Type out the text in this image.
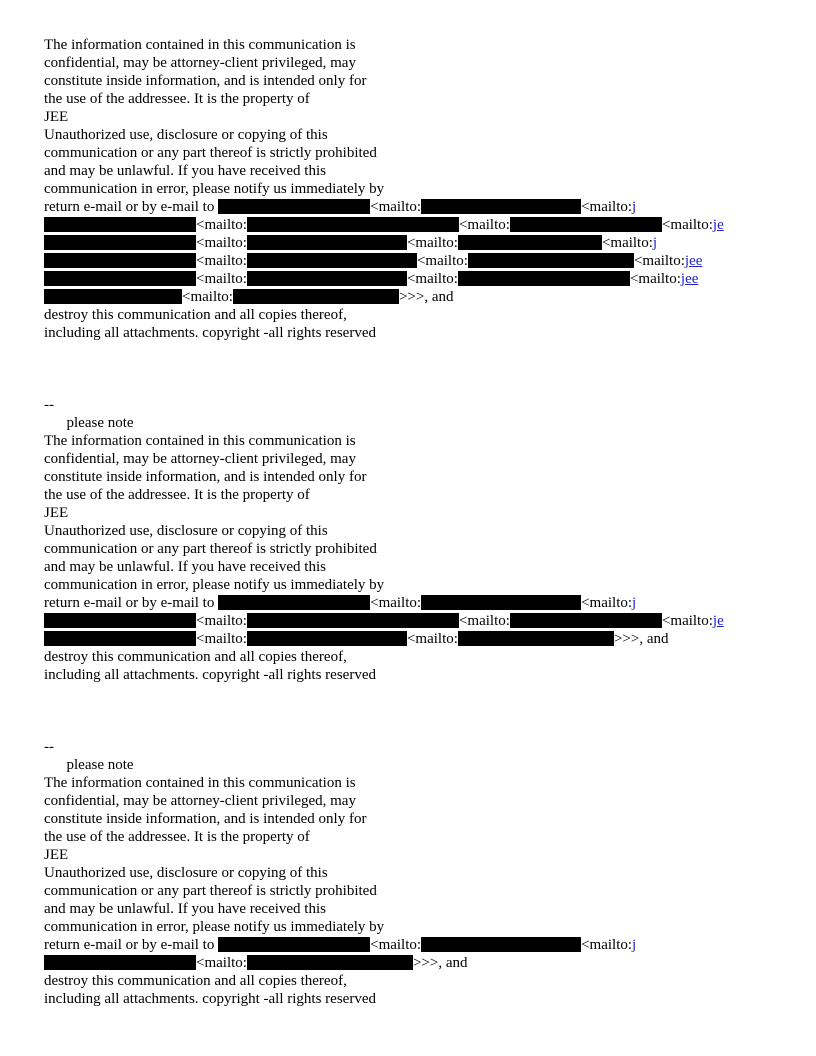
The information contained in this communication is
confidential, may be attorney-client privileged, may
constitute inside information, and is intended only for
the use of the addressee. It is the property of
JEE
Unauthorized use, disclosure or copying of this
communication or any part thereof is strictly prohibited
and may be unlawful. If you have received this
communication in error, please notify us immediately by
return e-mail or by e-mail to	<mailto:	<mailto:j
<mailto:	<mailto:	<mailto:je
<mailto:	<mailto:	<mailto:j
<mailto:	<mailto:	<mailto:jee
<mailto:	<mailto:	<mailto:jee
<mailto:	>>>, and
destroy this communication and all copies thereof,
including all attachments. copyright -all rights reserved
--
please note
The information contained in this communication is
confidential, may be attorney-client privileged, may
constitute inside information, and is intended only for
the use of the addressee. It is the property of
JEE
Unauthorized use, disclosure or copying of this
communication or any part thereof is strictly prohibited
and may be unlawful. If you have received this
communication in error, please notify us immediately by
return e-mail or by e-mail to	<mailto:	<mailto:j
<mailto:	<mailto:	<mailto:je
<mailto:	<mailto:	>>>, and
destroy this communication and all copies thereof,
including all attachments. copyright -all rights reserved
--
please note
The information contained in this communication is
confidential, may be attorney-client privileged, may
constitute inside information, and is intended only for
the use of the addressee. It is the property of
JEE
Unauthorized use, disclosure or copying of this
communication or any part thereof is strictly prohibited
and may be unlawful. If you have received this
communication in error, please notify us immediately by
return e-mail or by e-mail to	<mailto:	<mailto:j
<mailto:	>>>, and
destroy this communication and all copies thereof,
including all attachments. copyright -all rights reserved
